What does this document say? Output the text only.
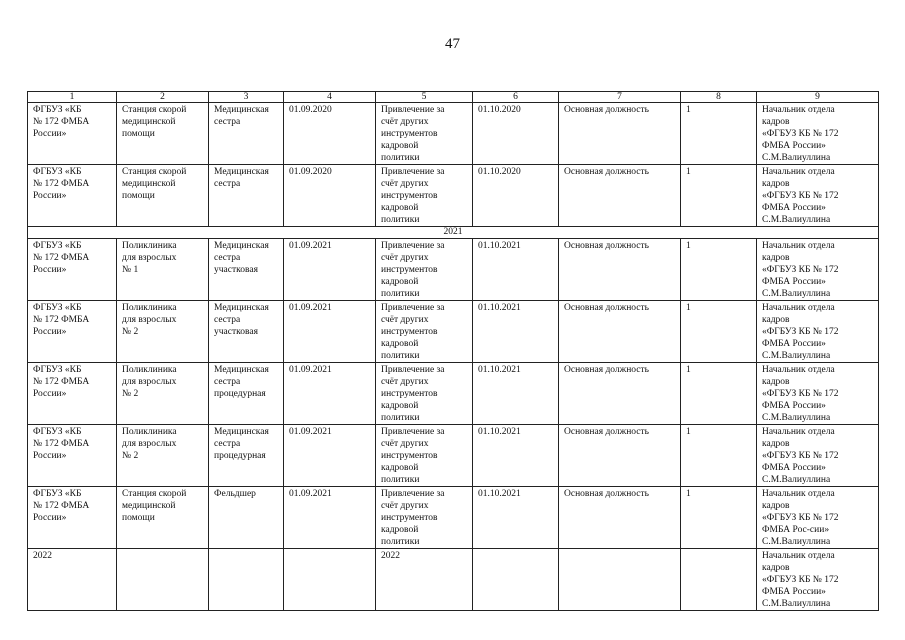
47
1	2	3	4	5	6	7	8	9
ФГБУЗ «КБ
№ 172 ФМБА
России»	Станция скорой
медицинской
помощи	Медицинская
сестра	01.09.2020	Привлечение за
счёт других
инструментов
кадровой
политики	01.10.2020	Основная должность	1	Начальник отдела
кадров
«ФГБУЗ КБ № 172
ФМБА России»
С.М.Валиуллина
ФГБУЗ «КБ
№ 172 ФМБА
России»	Станция скорой
медицинской
помощи	Медицинская
сестра	01.09.2020	Привлечение за
счёт других
инструментов
кадровой
политики	01.10.2020	Основная должность	1	Начальник отдела
кадров
«ФГБУЗ КБ № 172
ФМБА России»
С.М.Валиуллина
2021								
ФГБУЗ «КБ
№ 172 ФМБА
России»	Поликлиника
для взрослых
№ 1	Медицинская
сестра
участковая	01.09.2021	Привлечение за
счёт других
инструментов
кадровой
политики	01.10.2021	Основная должность	1	Начальник отдела
кадров
«ФГБУЗ КБ № 172
ФМБА России»
С.М.Валиуллина
ФГБУЗ «КБ
№ 172 ФМБА
России»	Поликлиника
для взрослых
№ 2	Медицинская
сестра
участковая	01.09.2021	Привлечение за
счёт других
инструментов
кадровой
политики	01.10.2021	Основная должность	1	Начальник отдела
кадров
«ФГБУЗ КБ № 172
ФМБА России»
С.М.Валиуллина
ФГБУЗ «КБ
№ 172 ФМБА
России»	Поликлиника
для взрослых
№ 2	Медицинская
сестра
процедурная	01.09.2021	Привлечение за
счёт других
инструментов
кадровой
политики	01.10.2021	Основная должность	1	Начальник отдела
кадров
«ФГБУЗ КБ № 172
ФМБА России»
С.М.Валиуллина
ФГБУЗ «КБ
№ 172 ФМБА
России»	Поликлиника
для взрослых
№ 2	Медицинская
сестра
процедурная	01.09.2021	Привлечение за
счёт других
инструментов
кадровой
политики	01.10.2021	Основная должность	1	Начальник отдела
кадров
«ФГБУЗ КБ № 172
ФМБА России»
С.М.Валиуллина
ФГБУЗ «КБ
№ 172 ФМБА
России»	Станция скорой
медицинской
помощи	Фельдшер	01.09.2021	Привлечение за
счёт других
инструментов
кадровой
политики	01.10.2021	Основная должность	1	Начальник отдела
кадров
«ФГБУЗ КБ № 172
ФМБА Рос-сии»
С.М.Валиуллина
2022				2022				Начальник отдела
кадров
«ФГБУЗ КБ № 172
ФМБА России»
С.М.Валиуллина
